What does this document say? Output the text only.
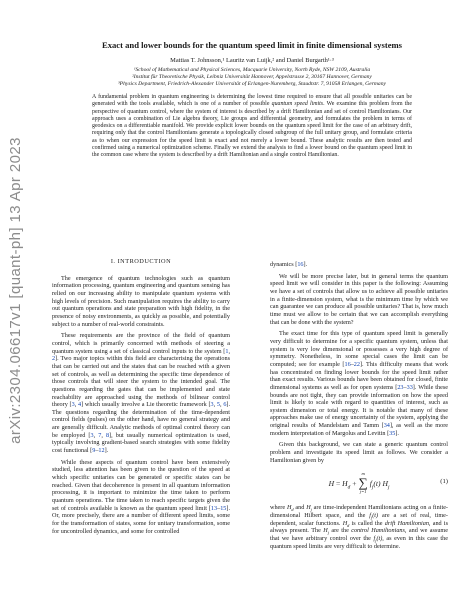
arXiv:2304.06617v1 [quant-ph] 13 Apr 2023
Exact and lower bounds for the quantum speed limit in finite dimensional systems
Mattias T. Johnsson,¹ Lauritz van Luijk,² and Daniel Burgarth¹·³
¹School of Mathematical and Physical Sciences, Macquarie University, North Ryde, NSW 2109, Australia
²Institut für Theoretische Physik, Leibniz Universität Hannover, Appelstrasse 2, 30167 Hannover, Germany
³Physics Department, Friedrich-Alexander Universität of Erlangen-Nuremberg, Staudtstr. 7, 91058 Erlangen, Germany

A fundamental problem in quantum engineering is determining the lowest time required to ensure that all possible unitaries can be generated with the tools available, which is one of a number of possible quantum speed limits. We examine this problem from the perspective of quantum control, where the system of interest is described by a drift Hamiltonian and set of control Hamiltonians. Our approach uses a combination of Lie algebra theory, Lie groups and differential geometry, and formulates the problem in terms of geodesics on a differentiable manifold. We provide explicit lower bounds on the quantum speed limit for the case of an arbitrary drift, requiring only that the control Hamiltonians generate a topologically closed subgroup of the full unitary group, and formulate criteria as to when our expression for the speed limit is exact and not merely a lower bound. These analytic results are then tested and confirmed using a numerical optimization scheme. Finally we extend the analysis to find a lower bound on the quantum speed limit in the common case where the system is described by a drift Hamiltonian and a single control Hamiltonian.

I. INTRODUCTION

The emergence of quantum technologies such as quantum information processing, quantum engineering and quantum sensing has relied on our increasing ability to manipulate quantum systems with high levels of precision. Such manipulation requires the ability to carry out quantum operations and state preparation with high fidelity, in the presence of noisy environments, as quickly as possible, and potentially subject to a number of real-world constraints.

These requirements are the province of the field of quantum control, which is primarily concerned with methods of steering a quantum system using a set of classical control inputs to the system [1, 2]. Two major topics within this field are characterising the operations that can be carried out and the states that can be reached with a given set of controls, as well as determining the specific time dependence of those controls that will steer the system to the intended goal. The questions regarding the gates that can be implemented and state reachability are approached using the methods of bilinear control theory [3, 4] which usually involve a Lie theoretic framework [3, 5, 6]. The questions regarding the determination of the time-dependent control fields (pulses) on the other hand, have no general strategy and are generally difficult. Analytic methods of optimal control theory can be employed [3, 7, 8], but usually numerical optimization is used, typically involving gradient-based search strategies with some fidelity cost functional [9–12].

While these aspects of quantum control have been extensively studied, less attention has been given to the question of the speed at which specific unitaries can be generated or specific states can be reached. Given that decoherence is present in all quantum information processing, it is important to minimize the time taken to perform quantum operations. The time taken to reach specific targets given the set of controls available is known as the quantum speed limit [13–15]. Or, more precisely, there are a number of different speed limits, some for the transformation of states, some for unitary transformation, some for uncontrolled dynamics, and some for controlled

dynamics [16].

We will be more precise later, but in general terms the quantum speed limit we will consider in this paper is the following: Assuming we have a set of controls that allow us to achieve all possible unitaries in a finite-dimension system, what is the minimum time by which we can guarantee we can produce all possible unitaries? That is, how much time must we allow to be certain that we can accomplish everything that can be done with the system?

The exact time for this type of quantum speed limit is generally very difficult to determine for a specific quantum system, unless that system is very low dimensional or possesses a very high degree of symmetry. Nonetheless, in some special cases the limit can be computed; see for example [16–22]. This difficulty means that work has concentrated on finding lower bounds for the speed limit rather than exact results. Various bounds have been obtained for closed, finite dimensional systems as well as for open systems [23–33]. While these bounds are not tight, they can provide information on how the speed limit is likely to scale with regard to quantities of interest, such as system dimension or total energy. It is notable that many of these approaches make use of energy uncertainty of the system, applying the original results of Mandelstam and Tamm [34], as well as the more modern interpretation of Margolus and Levitin [35].

Given this background, we can state a generic quantum control problem and investigate its speed limit as follows. We consider a Hamiltonian given by

$H = H_d$ +
m
∑
j=1
$f_j(t)$ $H_j$
(1)

where $H_d$ and $H_j$ are time-independent Hamiltonians acting on a finite-dimensional Hilbert space, and the $f_j(t)$ are a set of real, time-dependent, scalar functions. $H_d$ is called the drift Hamiltonian, and is always present. The $H_j$ are the control Hamiltonians, and we assume that we have arbitrary control over the $f_j(t)$, as even in this case the quantum speed limits are very difficult to determine.
